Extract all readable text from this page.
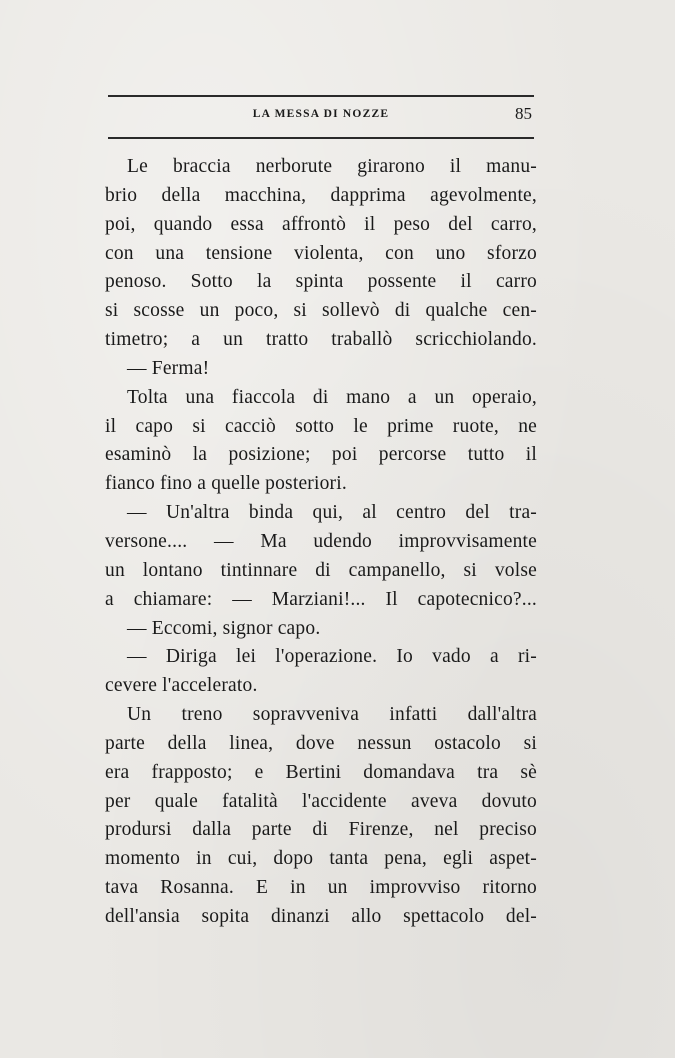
LA MESSA DI NOZZE	85
Le braccia nerborute girarono il manu-
brio della macchina, dapprima agevolmente,
poi, quando essa affrontò il peso del carro,
con una tensione violenta, con uno sforzo
penoso. Sotto la spinta possente il carro
si scosse un poco, si sollevò di qualche cen-
timetro; a un tratto traballò scricchiolando.
— Ferma!
Tolta una fiaccola di mano a un operaio,
il capo si cacciò sotto le prime ruote, ne
esaminò la posizione; poi percorse tutto il
fianco fino a quelle posteriori.
— Un'altra binda qui, al centro del tra-
versone.... — Ma udendo improvvisamente
un lontano tintinnare di campanello, si volse
a chiamare: — Marziani!... Il capotecnico?...
— Eccomi, signor capo.
— Diriga lei l'operazione. Io vado a ri-
cevere l'accelerato.
Un treno sopravveniva infatti dall'altra
parte della linea, dove nessun ostacolo si
era frapposto; e Bertini domandava tra sè
per quale fatalità l'accidente aveva dovuto
prodursi dalla parte di Firenze, nel preciso
momento in cui, dopo tanta pena, egli aspet-
tava Rosanna. E in un improvviso ritorno
dell'ansia sopita dinanzi allo spettacolo del-
